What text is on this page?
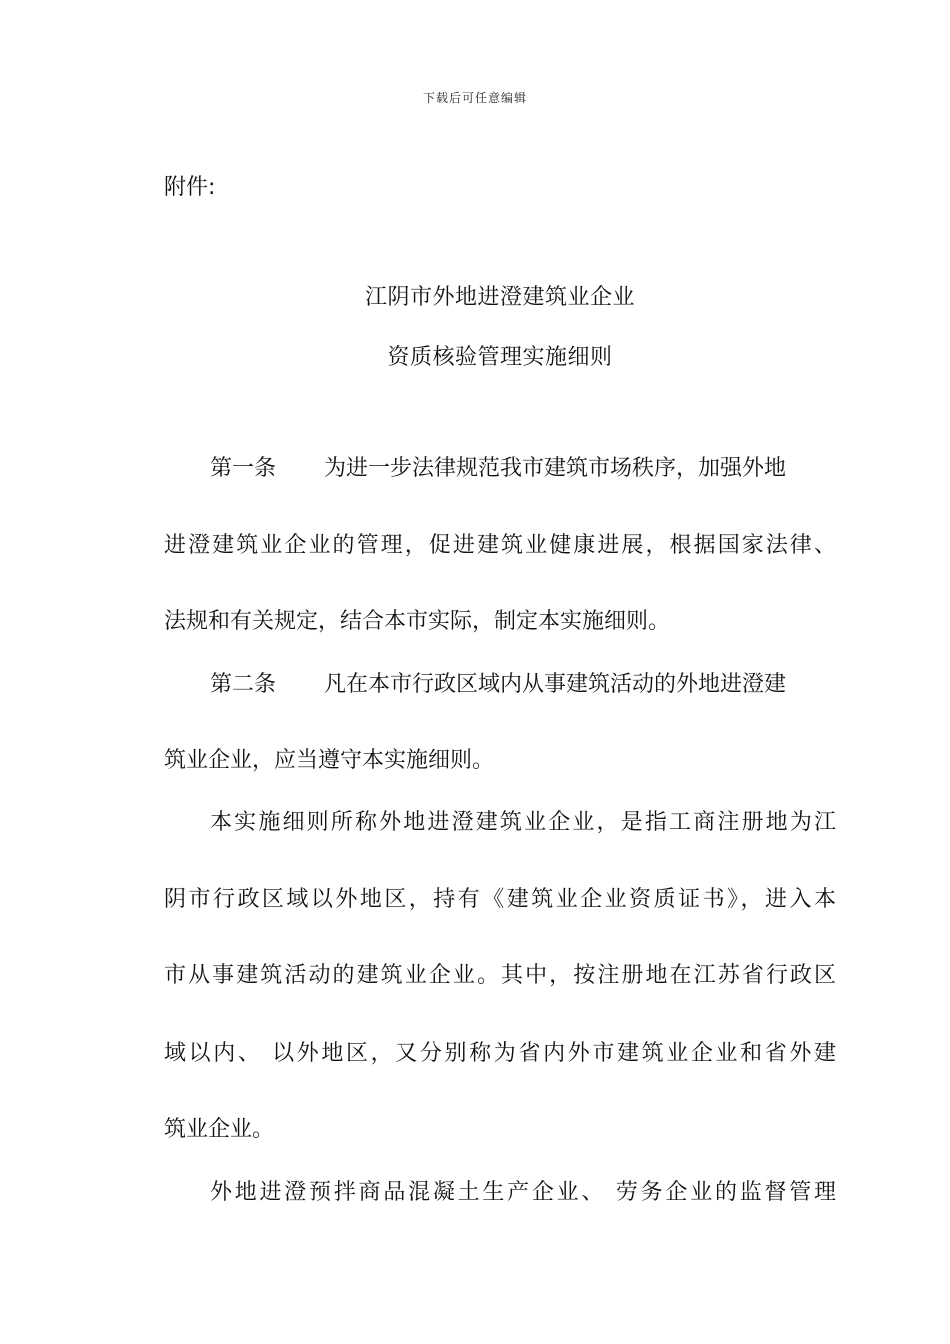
下载后可任意编辑
附件:
江阴市外地进澄建筑业企业
资质核验管理实施细则
第一条 为进一步法律规范我市建筑市场秩序，加强外地
进澄建筑业企业的管理，促进建筑业健康进展，根据国家法律、
法规和有关规定，结合本市实际，制定本实施细则。
第二条 凡在本市行政区域内从事建筑活动的外地进澄建
筑业企业，应当遵守本实施细则。
本实施细则所称外地进澄建筑业企业，是指工商注册地为江
阴市行政区域以外地区，持有《建筑业企业资质证书》，进入本
市从事建筑活动的建筑业企业。其中，按注册地在江苏省行政区
域以内、 以外地区，又分别称为省内外市建筑业企业和省外建
筑业企业。
外地进澄预拌商品混凝土生产企业、 劳务企业的监督管理
